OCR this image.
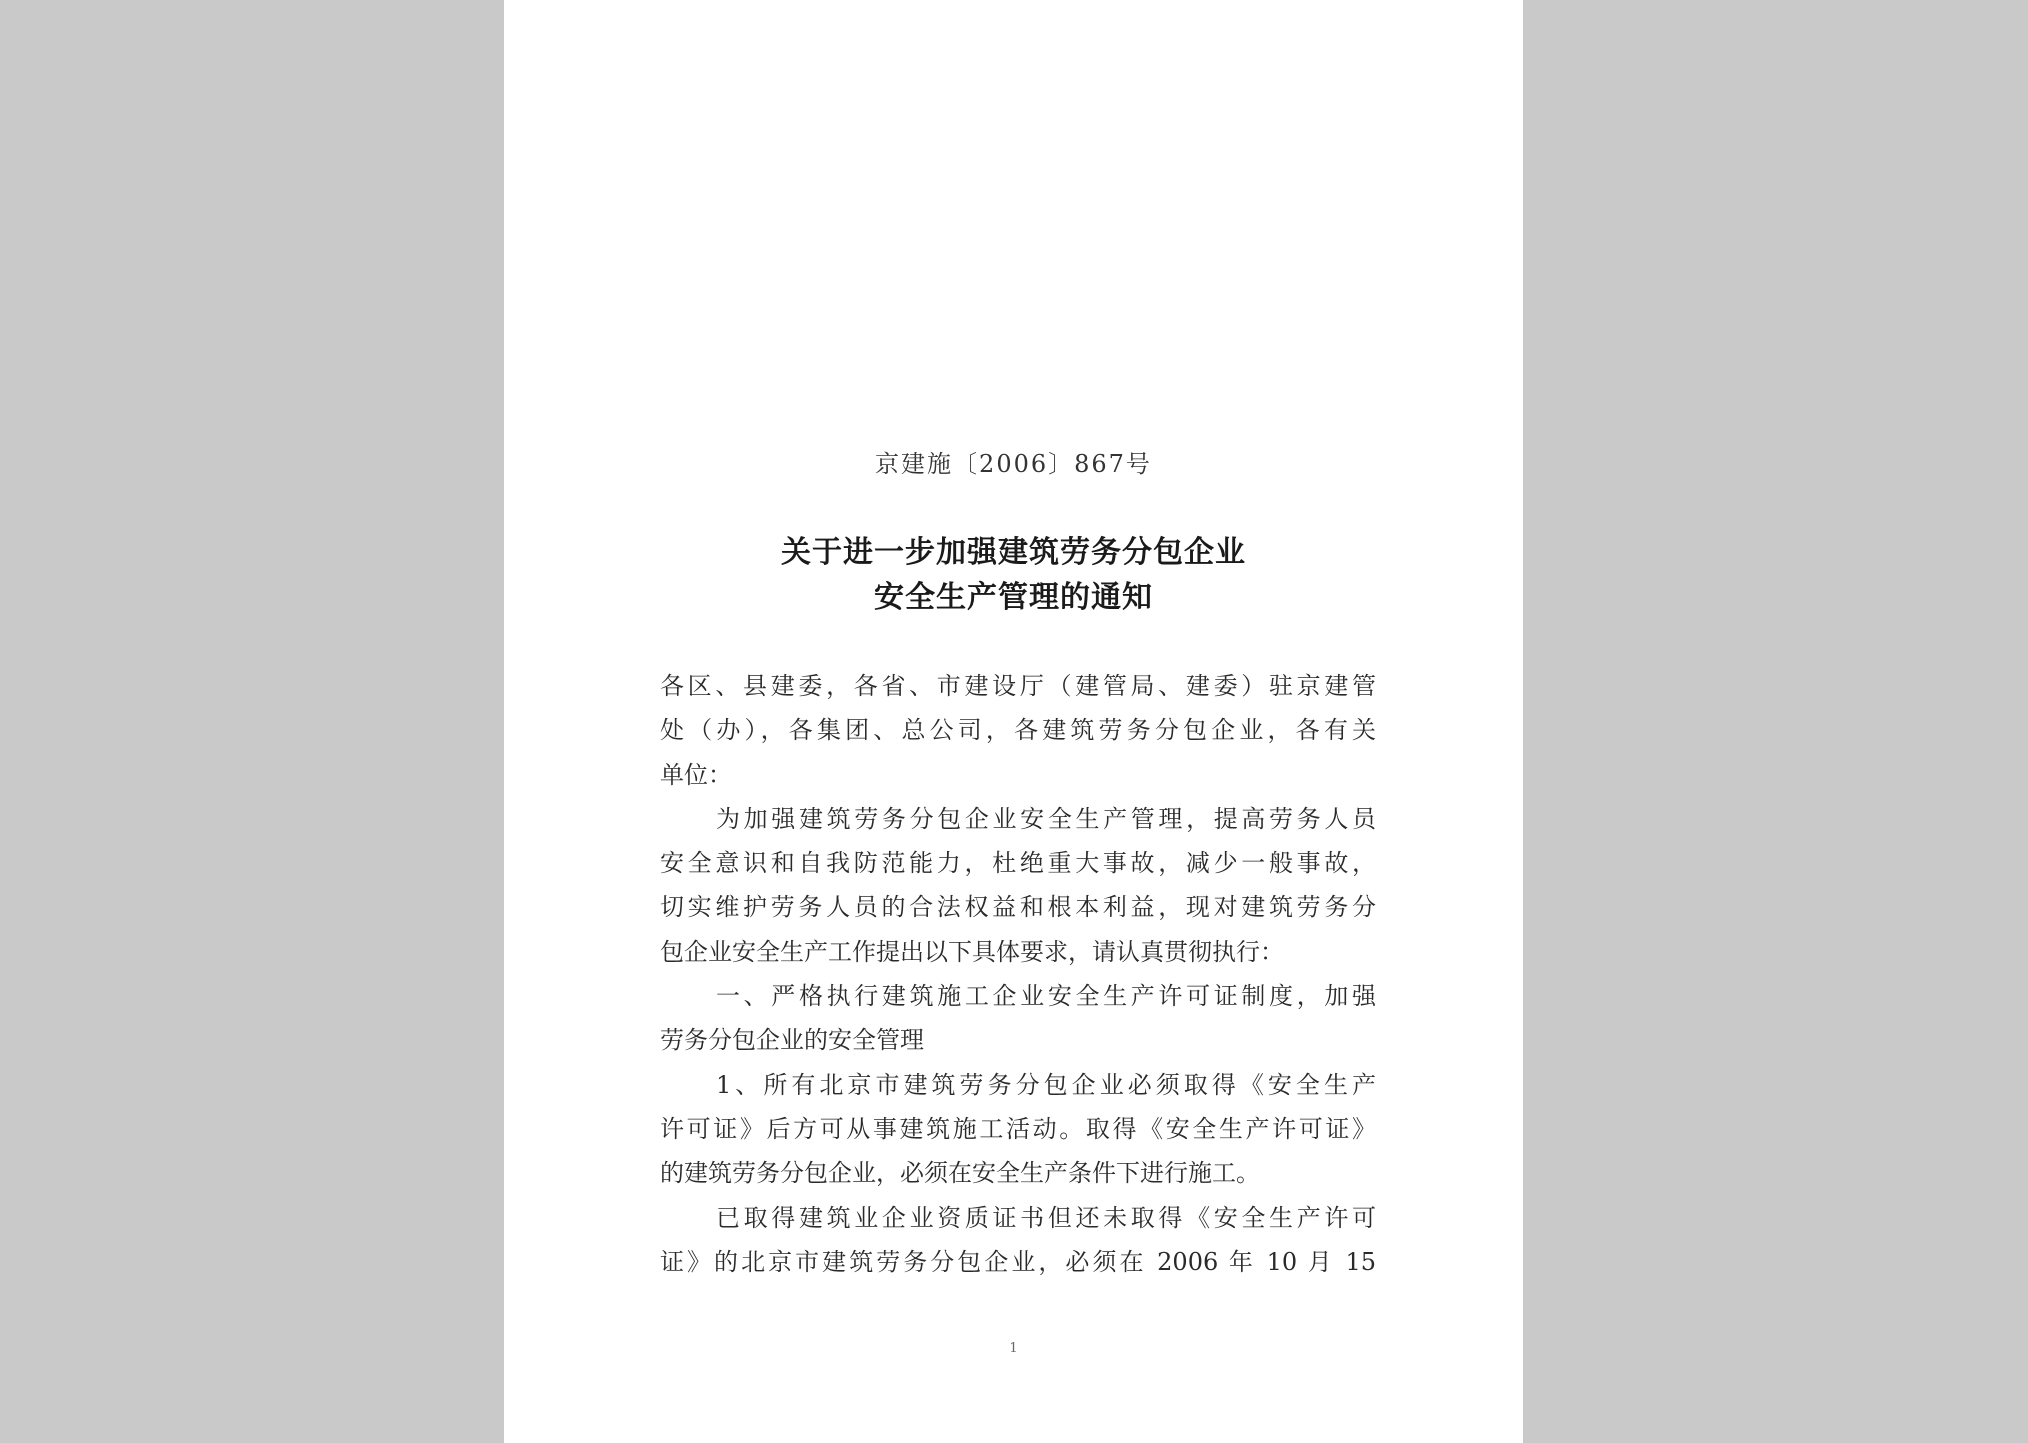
京建施〔2006〕867号
关于进一步加强建筑劳务分包企业
安全生产管理的通知
各区、县建委，各省、市建设厅（建管局、建委）驻京建管
处（办），各集团、总公司，各建筑劳务分包企业，各有关
单位：
为加强建筑劳务分包企业安全生产管理，提高劳务人员
安全意识和自我防范能力，杜绝重大事故，减少一般事故，
切实维护劳务人员的合法权益和根本利益，现对建筑劳务分
包企业安全生产工作提出以下具体要求，请认真贯彻执行：
一、严格执行建筑施工企业安全生产许可证制度，加强
劳务分包企业的安全管理
1、所有北京市建筑劳务分包企业必须取得《安全生产
许可证》后方可从事建筑施工活动。取得《安全生产许可证》
的建筑劳务分包企业，必须在安全生产条件下进行施工。
已取得建筑业企业资质证书但还未取得《安全生产许可
证》的北京市建筑劳务分包企业，必须在 2006 年 10 月 15
1
